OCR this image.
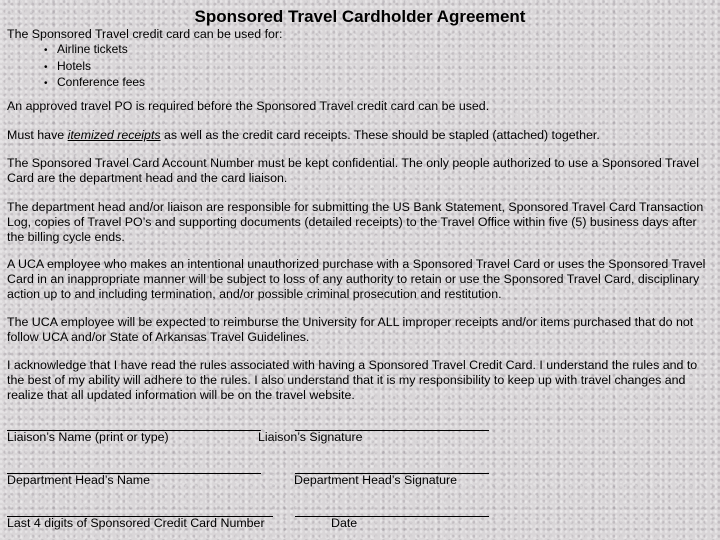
Sponsored Travel Cardholder Agreement
The Sponsored Travel credit card can be used for:
• Airline tickets
• Hotels
• Conference fees
An approved travel PO is required before the Sponsored Travel credit card can be used.
Must have itemized receipts as well as the credit card receipts. These should be stapled (attached) together.
The Sponsored Travel Card Account Number must be kept confidential. The only people authorized to use a Sponsored Travel Card are the department head and the card liaison.
The department head and/or liaison are responsible for submitting the US Bank Statement, Sponsored Travel Card Transaction Log, copies of Travel PO’s and supporting documents (detailed receipts) to the Travel Office within five (5) business days after the billing cycle ends.
A UCA employee who makes an intentional unauthorized purchase with a Sponsored Travel Card or uses the Sponsored Travel Card in an inappropriate manner will be subject to loss of any authority to retain or use the Sponsored Travel Card, disciplinary action up to and including termination, and/or possible criminal prosecution and restitution.
The UCA employee will be expected to reimburse the University for ALL improper receipts and/or items purchased that do not follow UCA and/or State of Arkansas Travel Guidelines.
I acknowledge that I have read the rules associated with having a Sponsored Travel Credit Card. I understand the rules and to the best of my ability will adhere to the rules. I also understand that it is my responsibility to keep up with travel changes and realize that all updated information will be on the travel website.
Liaison’s Name (print or type)	Liaison’s Signature
Department Head’s Name	Department Head’s Signature
Last 4 digits of Sponsored Credit Card Number	Date
